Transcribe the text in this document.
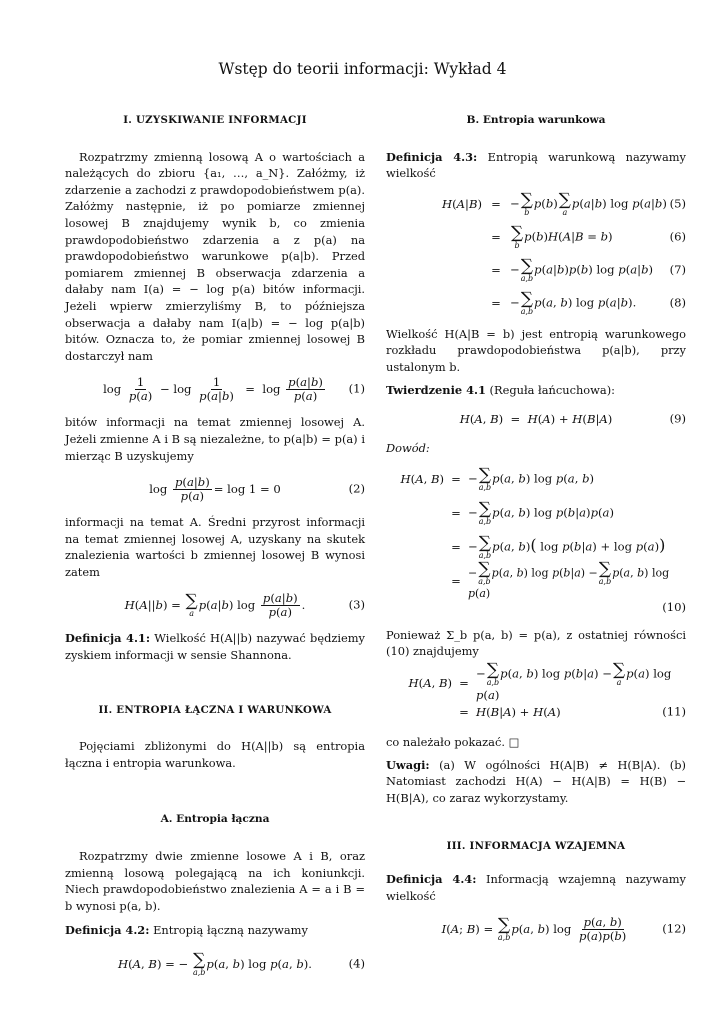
Wstęp do teorii informacji: Wykład 4
I. UZYSKIWANIE INFORMACJI

Rozpatrzmy zmienną losową A o wartościach a należących do zbioru {a₁, …, a_N}. Załóżmy, iż zdarzenie a zachodzi z prawdopodobieństwem p(a). Załóżmy następnie, iż po pomiarze zmiennej losowej B znajdujemy wynik b, co zmienia prawdopodobieństwo zdarzenia a z p(a) na prawdopodobieństwo warunkowe p(a|b). Przed pomiarem zmiennej B obserwacja zdarzenia a dałaby nam I(a) = − log p(a) bitów informacji. Jeżeli wpierw zmierzyliśmy B, to późniejsza obserwacja a dałaby nam I(a|b) = − log p(a|b) bitów. Oznacza to, że pomiar zmiennej losowej B dostarczył nam

$\log \frac{1}{p(a)} - \log \frac{1}{p(a|b)} = \log \frac{p(a|b)}{p(a)} (1)$

bitów informacji na temat zmiennej losowej A. Jeżeli zmienne A i B są niezależne, to p(a|b) = p(a) i mierząc B uzyskujemy

$\log \frac{p(a|b)}{p(a)} = \log 1 = 0$	(2)

informacji na temat A. Średni przyrost informacji na temat zmiennej losowej A, uzyskany na skutek znalezienia wartości b zmiennej losowej B wynosi zatem

H(A||b) = ∑
a
p(a|b) $\log \frac{p(a|b)}{p(a)}$ .	(3)

Definicja 4.1: Wielkość H(A||b) nazywać będziemy zyskiem informacji w sensie Shannona.

II. ENTROPIA ŁĄCZNA I WARUNKOWA

Pojęciami zbliżonymi do H(A||b) są entropia łączna i entropia warunkowa.

A. Entropia łączna

Rozpatrzmy dwie zmienne losowe A i B, oraz zmienną losową polegającą na ich koniunkcji. Niech prawdopodobieństwo znalezienia A = a i B = b wynosi p(a, b).

Definicja 4.2: Entropią łączną nazywamy

H(A, B) = − ∑
a,b
p(a, b) log p(a, b).	(4)
B. Entropia warunkowa

Definicja 4.3: Entropią warunkową nazywamy wielkość

H(A|B) = − ∑
b
p(b) ∑
a
p(a|b) log p(a|b) (5)
= ∑
b
p(b)H(A|B = b)	(6)
= − ∑
a,b
p(a|b)p(b) log p(a|b)	(7)
= − ∑
a,b
p(a, b) log p(a|b).	(8)

Wielkość H(A|B = b) jest entropią warunkowego rozkładu prawdopodobieństwa p(a|b), przy ustalonym b.

Twierdzenie 4.1 (Reguła łańcuchowa):

H(A, B)  =  H(A) + H(B|A)	(9)

Dowód:

H(A, B) = − ∑
a,b
p(a, b) log p(a, b)
= − ∑
a,b
p(a, b) log p(b|a)p(a)
= − ∑
a,b
p(a, b)( log p(b|a) + log p(a))
=
− ∑
a,b
p(a, b) log p(b|a) − ∑
a,b
p(a, b) log p(a)
(10)

Ponieważ Σ_b p(a, b) = p(a), z ostatniej równości (10) znajdujemy

H(A, B) =
− ∑
a,b
p(a, b) log p(b|a) − ∑
a
p(a) log p(a)
= H(B|A) + H(A)	(11)

co należało pokazać. □

Uwagi: (a) W ogólności H(A|B) ≠ H(B|A). (b) Natomiast zachodzi H(A) − H(A|B) = H(B) − H(B|A), co zaraz wykorzystamy.

III. INFORMACJA WZAJEMNA

Definicja 4.4: Informacją wzajemną nazywamy wielkość

I(A; B) = ∑
a,b
p(a, b) $\log \frac{p(a, b)}{p(a)p(b)}$	(12)
